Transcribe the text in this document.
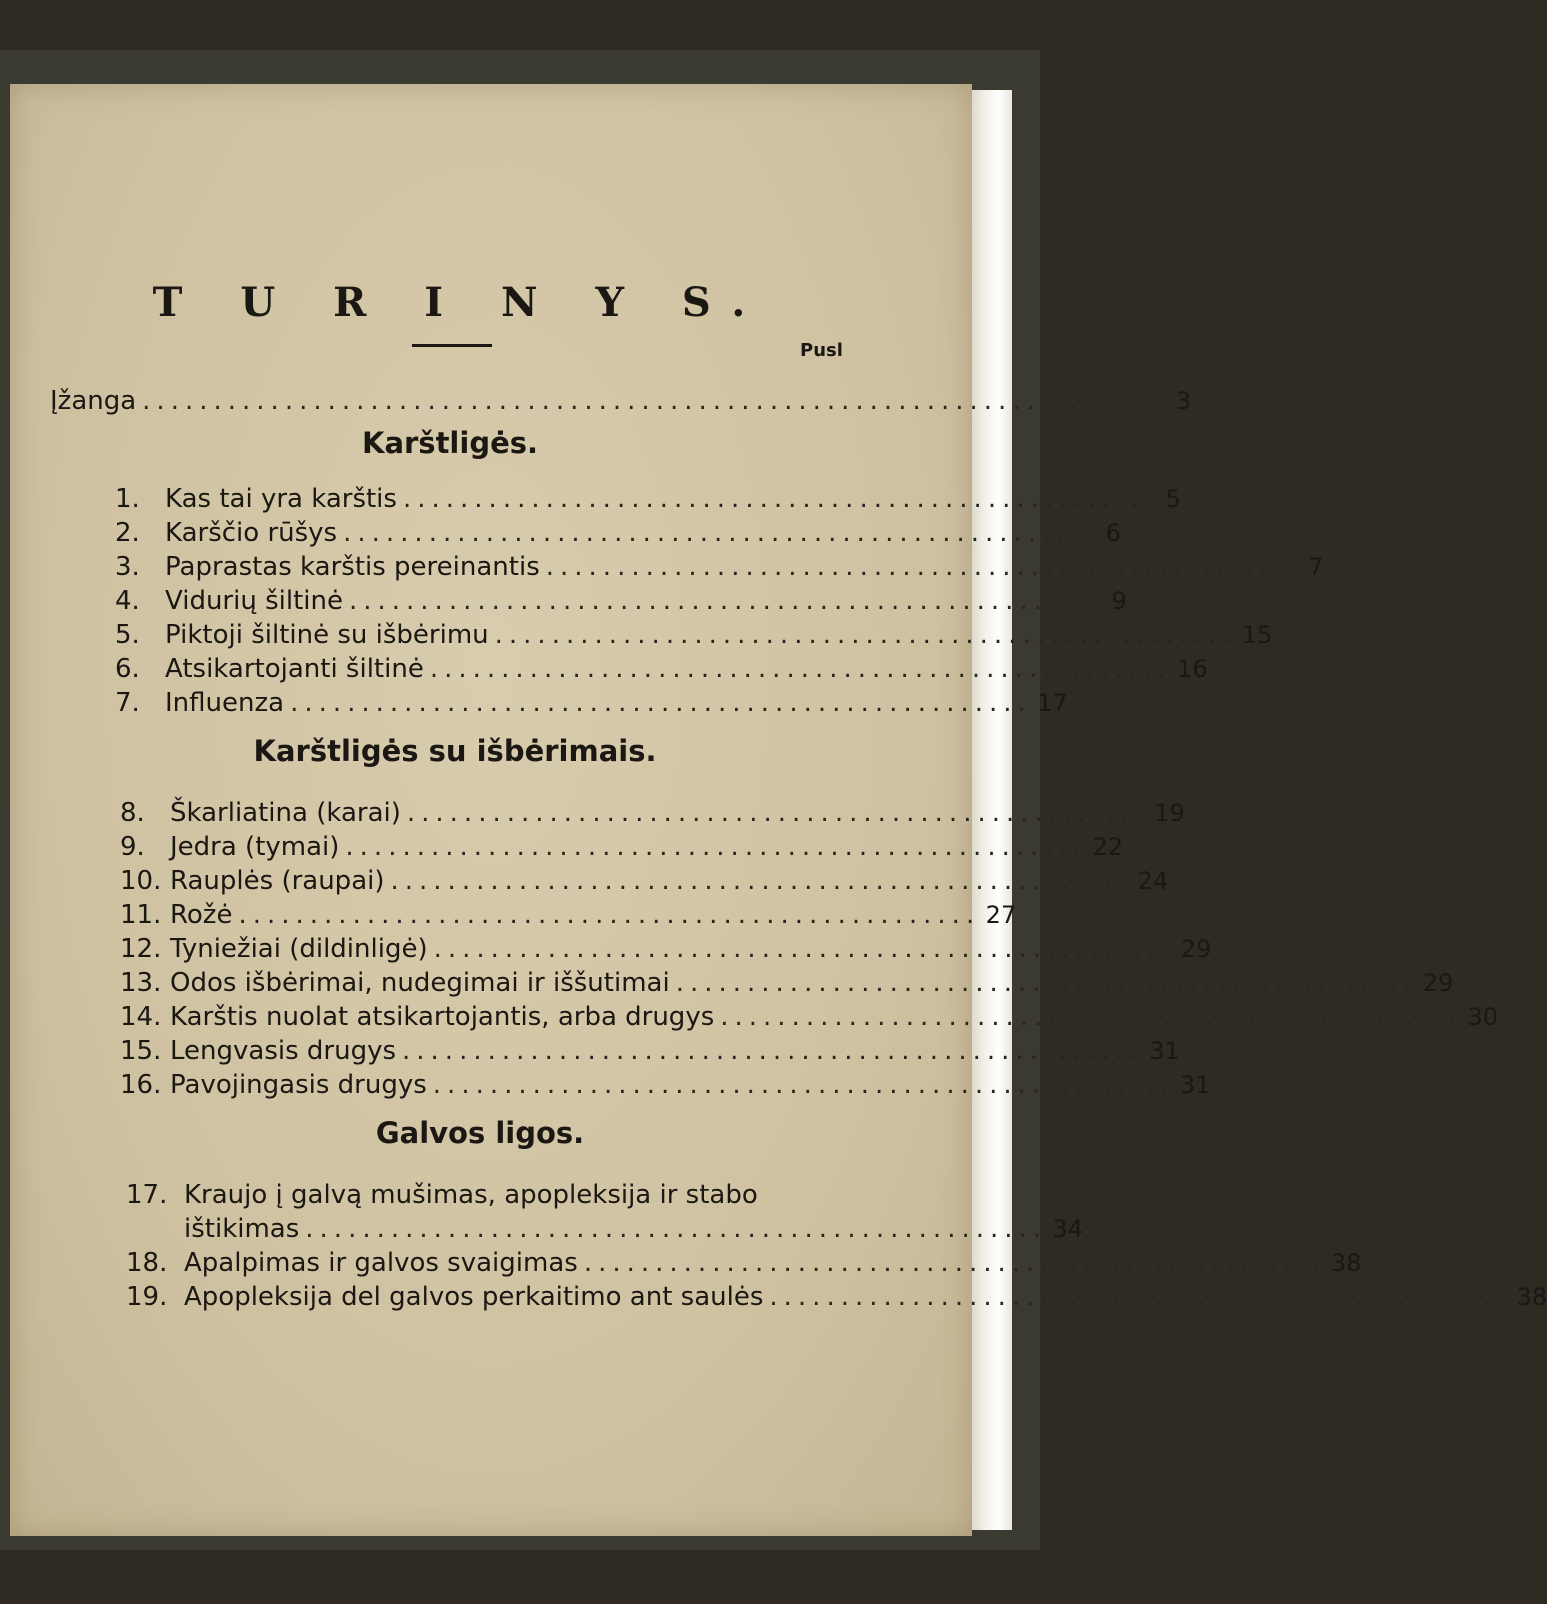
T U R I N Y S.
Pusl
Įžanga ....................................................................... 3
Karštligės.
1. Kas tai yra karštis .................................................... 5
2. Karščio rūšys .................................................... 6
3. Paprastas karštis pereinantis .................................................... 7
4. Vidurių šiltinė .................................................... 9
5. Piktoji šiltinė su išbėrimu .................................................... 15
6. Atsikartojanti šiltinė .................................................... 16
7. Influenza .................................................... 17
Karštligės su išbėrimais.
8. Škarliatina (karai) .................................................... 19
9. Jedra (tymai) .................................................... 22
10. Rauplės (raupai) .................................................... 24
11. Rožė .................................................... 27
12. Tyniežiai (dildinligė) .................................................... 29
13. Odos išbėrimai, nudegimai ir iššutimai .................................................... 29
14. Karštis nuolat atsikartojantis, arba drugys .................................................... 30
15. Lengvasis drugys .................................................... 31
16. Pavojingasis drugys .................................................... 31
Galvos ligos.
17. Kraujo į galvą mušimas, apopleksija ir stabo
ištikimas .................................................... 34
18. Apalpimas ir galvos svaigimas .................................................... 38
19. Apopleksija del galvos perkaitimo ant saulės .................................................... 38
